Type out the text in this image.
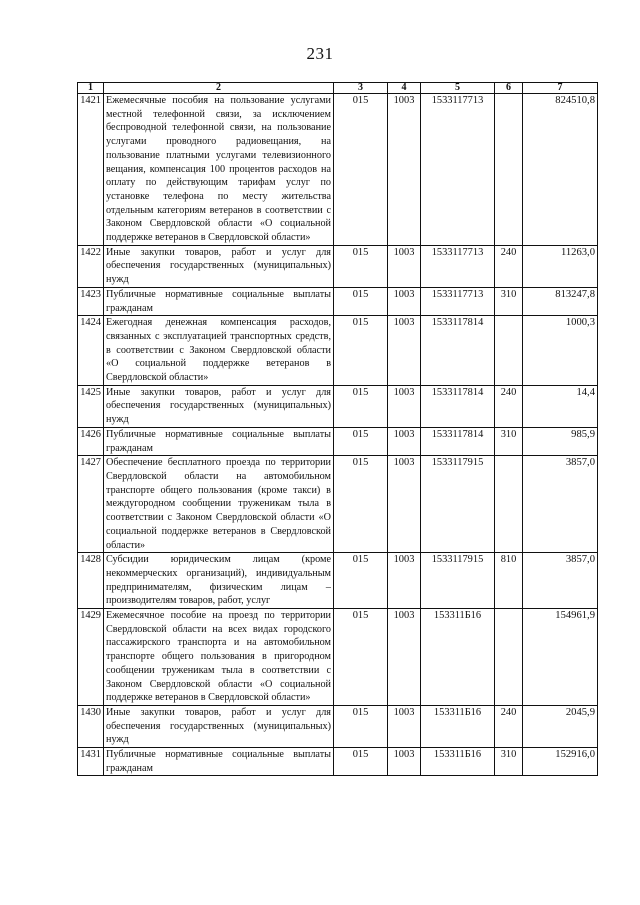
231
1	2	3	4	5	6	7
1421	Ежемесячные пособия на пользование услугами местной телефонной связи, за исключением беспроводной телефонной связи, на пользование услугами проводного радиовещания, на пользование платными услугами телевизионного вещания, компенсация 100 процентов расходов на оплату по действующим тарифам услуг по установке телефона по месту жительства отдельным категориям ветеранов в соответствии с Законом Свердловской области «О социальной поддержке ветеранов в Свердловской области»	015	1003	1533117713		824510,8
1422	Иные закупки товаров, работ и услуг для обеспечения государственных (муниципальных) нужд	015	1003	1533117713	240	11263,0
1423	Публичные нормативные социальные выплаты гражданам	015	1003	1533117713	310	813247,8
1424	Ежегодная денежная компенсация расходов, связанных с эксплуатацией транспортных средств, в соответствии с Законом Свердловской области «О социальной поддержке ветеранов в Свердловской области»	015	1003	1533117814		1000,3
1425	Иные закупки товаров, работ и услуг для обеспечения государственных (муниципальных) нужд	015	1003	1533117814	240	14,4
1426	Публичные нормативные социальные выплаты гражданам	015	1003	1533117814	310	985,9
1427	Обеспечение бесплатного проезда по территории Свердловской области на автомобильном транспорте общего пользования (кроме такси) в междугородном сообщении труженикам тыла в соответствии с Законом Свердловской области «О социальной поддержке ветеранов в Свердловской области»	015	1003	1533117915		3857,0
1428	Субсидии юридическим лицам (кроме некоммерческих организаций), индивидуальным предпринимателям, физическим лицам – производителям товаров, работ, услуг	015	1003	1533117915	810	3857,0
1429	Ежемесячное пособие на проезд по территории Свердловской области на всех видах городского пассажирского транспорта и на автомобильном транспорте общего пользования в пригородном сообщении труженикам тыла в соответствии с Законом Свердловской области «О социальной поддержке ветеранов в Свердловской области»	015	1003	153311Б16		154961,9
1430	Иные закупки товаров, работ и услуг для обеспечения государственных (муниципальных) нужд	015	1003	153311Б16	240	2045,9
1431	Публичные нормативные социальные выплаты гражданам	015	1003	153311Б16	310	152916,0
